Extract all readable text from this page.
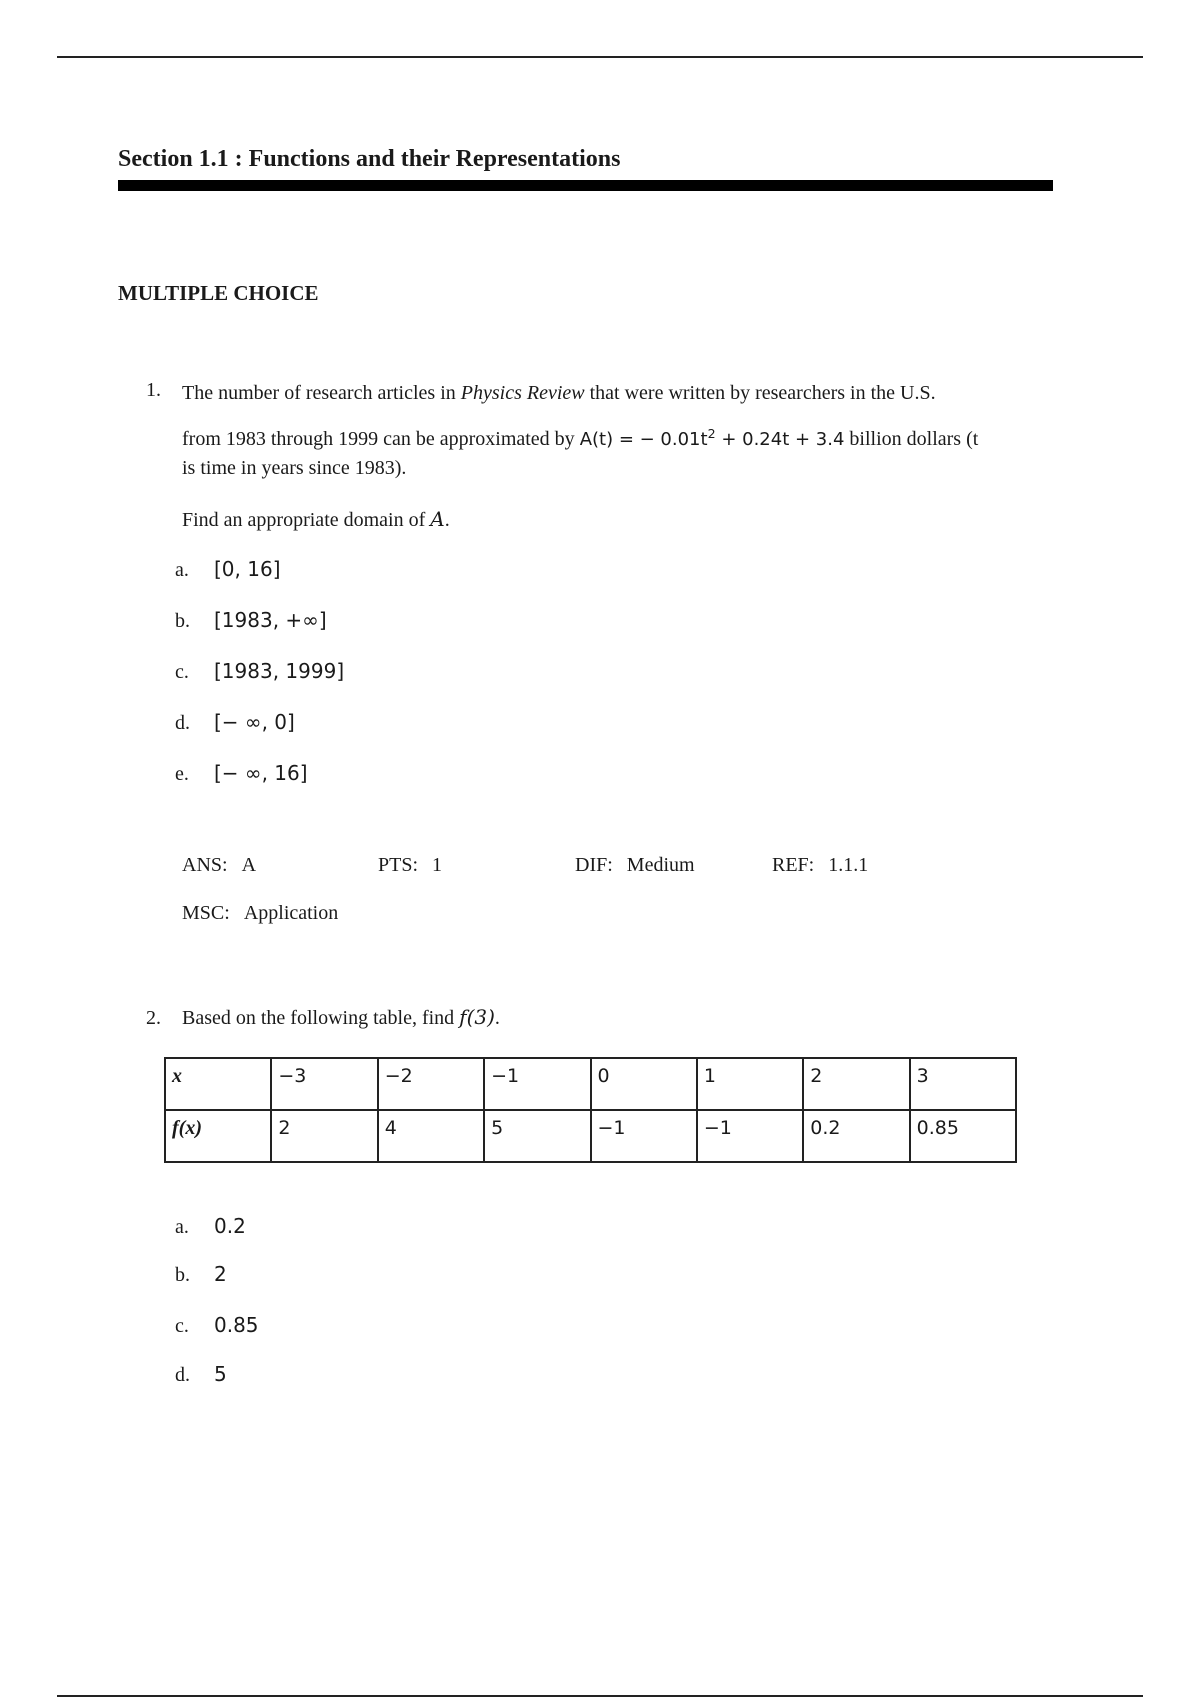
Section 1.1 : Functions and their Representations
MULTIPLE CHOICE
1. The number of research articles in Physics Review that were written by researchers in the U.S.
from 1983 through 1999 can be approximated by A(t) = − $0.01t^2 + 0.24t + 3.4$ billion dollars (t
is time in years since 1983).
Find an appropriate domain of A.
a.	[0, 16]
b.	[1983, +∞]
c.	[1983, 1999]
d.	[− ∞, 0]
e.	[− ∞, 16]
ANS: A	PTS: 1	DIF: Medium	REF: 1.1.1
MSC: Application
2. Based on the following table, find f(3).
x	−3	−2	−1	0	1	2	3
f(x)	2	4	5	−1	−1	0.2	0.85
a.	0.2
b.	2
c.	0.85
d.	5
